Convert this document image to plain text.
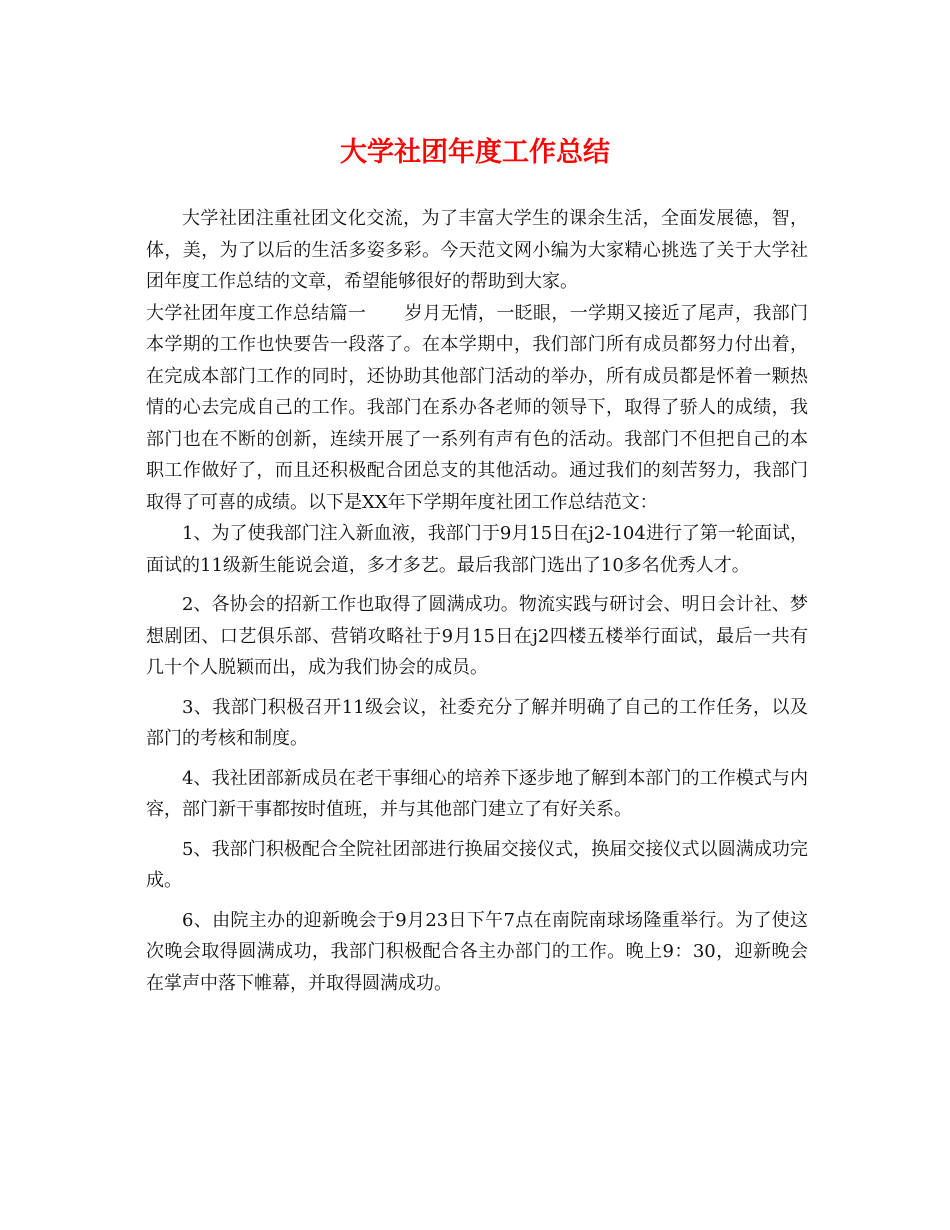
大学社团年度工作总结

大学社团注重社团文化交流，为了丰富大学生的课余生活，全面发展德，智，体，美，为了以后的生活多姿多彩。今天范文网小编为大家精心挑选了关于大学社团年度工作总结的文章，希望能够很好的帮助到大家。

大学社团年度工作总结篇一 岁月无情，一眨眼，一学期又接近了尾声，我部门本学期的工作也快要告一段落了。在本学期中，我们部门所有成员都努力付出着，在完成本部门工作的同时，还协助其他部门活动的举办，所有成员都是怀着一颗热情的心去完成自己的工作。我部门在系办各老师的领导下，取得了骄人的成绩，我部门也在不断的创新，连续开展了一系列有声有色的活动。我部门不但把自己的本职工作做好了，而且还积极配合团总支的其他活动。通过我们的刻苦努力，我部门取得了可喜的成绩。以下是XX年下学期年度社团工作总结范文：

1、为了使我部门注入新血液，我部门于9月15日在j2-104进行了第一轮面试，面试的11级新生能说会道，多才多艺。最后我部门选出了10多名优秀人才。

2、各协会的招新工作也取得了圆满成功。物流实践与研讨会、明日会计社、梦想剧团、口艺俱乐部、营销攻略社于9月15日在j2四楼五楼举行面试，最后一共有几十个人脱颖而出，成为我们协会的成员。

3、我部门积极召开11级会议，社委充分了解并明确了自己的工作任务，以及部门的考核和制度。

4、我社团部新成员在老干事细心的培养下逐步地了解到本部门的工作模式与内容，部门新干事都按时值班，并与其他部门建立了有好关系。

5、我部门积极配合全院社团部进行换届交接仪式，换届交接仪式以圆满成功完成。

6、由院主办的迎新晚会于9月23日下午7点在南院南球场隆重举行。为了使这次晚会取得圆满成功，我部门积极配合各主办部门的工作。晚上9：30，迎新晚会在掌声中落下帷幕，并取得圆满成功。
